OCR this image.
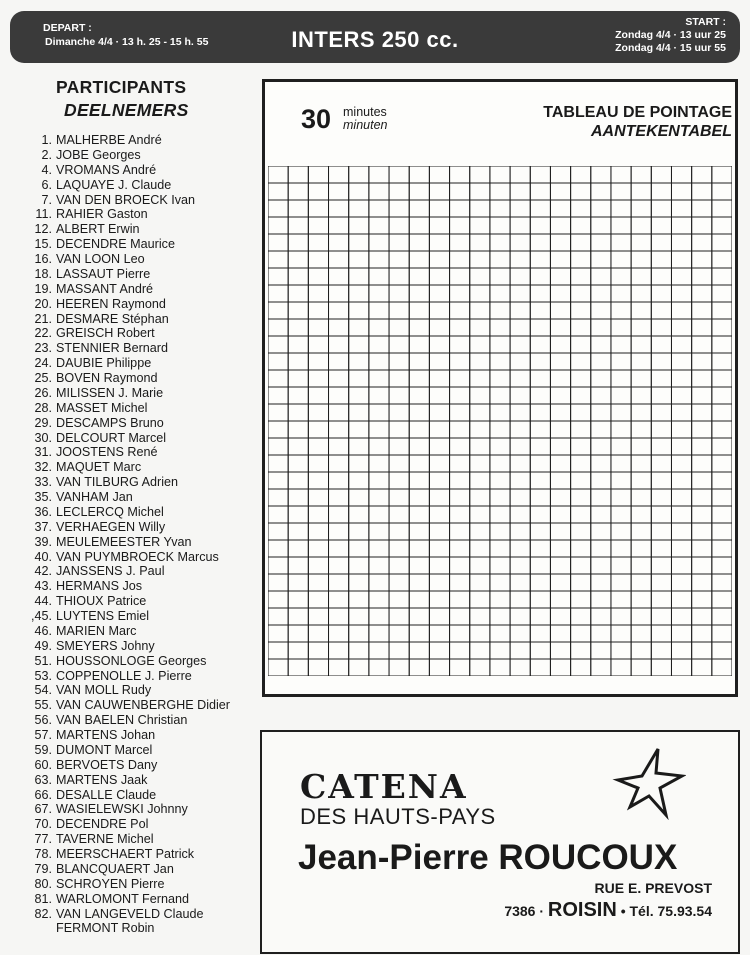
DEPART :
Dimanche 4/4 · 13 h. 25 - 15 h. 55	INTERS 250 cc.
START :
Zondag 4/4 · 13 uur 25
Zondag 4/4 · 15 uur 55
PARTICIPANTS
DEELNEMERS
1. MALHERBE André
2. JOBE Georges
4. VROMANS André
6. LAQUAYE J. Claude
7. VAN DEN BROECK Ivan
11. RAHIER Gaston
12. ALBERT Erwin
15. DECENDRE Maurice
16. VAN LOON Leo
18. LASSAUT Pierre
19. MASSANT André
20. HEEREN Raymond
21. DESMARE Stéphan
22. GREISCH Robert
23. STENNIER Bernard
24. DAUBIE Philippe
25. BOVEN Raymond
26. MILISSEN J. Marie
28. MASSET Michel
29. DESCAMPS Bruno
30. DELCOURT Marcel
31. JOOSTENS René
32. MAQUET Marc
33. VAN TILBURG Adrien
35. VANHAM Jan
36. LECLERCQ Michel
37. VERHAEGEN Willy
39. MEULEMEESTER Yvan
40. VAN PUYMBROECK Marcus
42. JANSSENS J. Paul
43. HERMANS Jos
44. THIOUX Patrice
,45. LUYTENS Emiel
46. MARIEN Marc
49. SMEYERS Johny
51. HOUSSONLOGE Georges
53. COPPENOLLE J. Pierre
54. VAN MOLL Rudy
55. VAN CAUWENBERGHE Didier
56. VAN BAELEN Christian
57. MARTENS Johan
59. DUMONT Marcel
60. BERVOETS Dany
63. MARTENS Jaak
66. DESALLE Claude
67. WASIELEWSKI Johnny
70. DECENDRE Pol
77. TAVERNE Michel
78. MEERSCHAERT Patrick
79. BLANCQUAERT Jan
80. SCHROYEN Pierre
81. WARLOMONT Fernand
82. VAN LANGEVELD Claude
FERMONT Robin
30 minutes
minuten
TABLEAU DE POINTAGE
AANTEKENTABEL
CATENA
DES HAUTS-PAYS
Jean-Pierre ROUCOUX
RUE E. PREVOST
7386 · ROISIN • Tél. 75.93.54
